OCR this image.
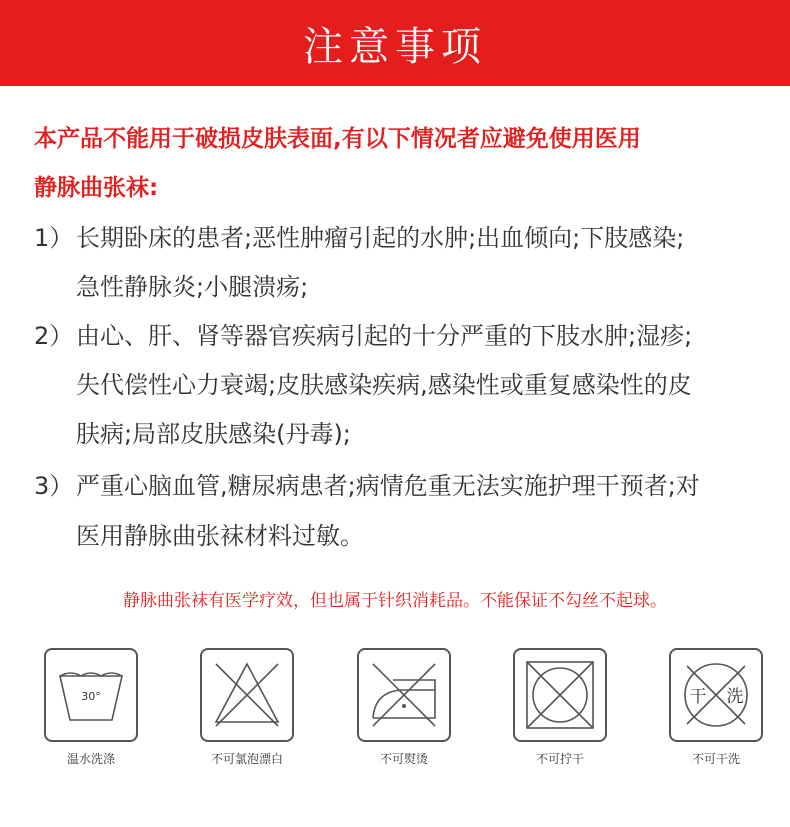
注意事项
本产品不能用于破损皮肤表面,有以下情况者应避免使用医用
静脉曲张袜:
1） 长期卧床的患者;恶性肿瘤引起的水肿;出血倾向;下肢感染;
急性静脉炎;小腿溃疡;
2） 由心、肝、肾等器官疾病引起的十分严重的下肢水肿;湿疹;
失代偿性心力衰竭;皮肤感染疾病,感染性或重复感染性的皮
肤病;局部皮肤感染(丹毒);
3） 严重心脑血管,糖尿病患者;病情危重无法实施护理干预者;对
医用静脉曲张袜材料过敏。
静脉曲张袜有医学疗效，但也属于针织消耗品。不能保证不勾丝不起球。
30°
温水洗涤	不可氯泡漂白	不可熨烫	不可拧干
干 洗
不可干洗
